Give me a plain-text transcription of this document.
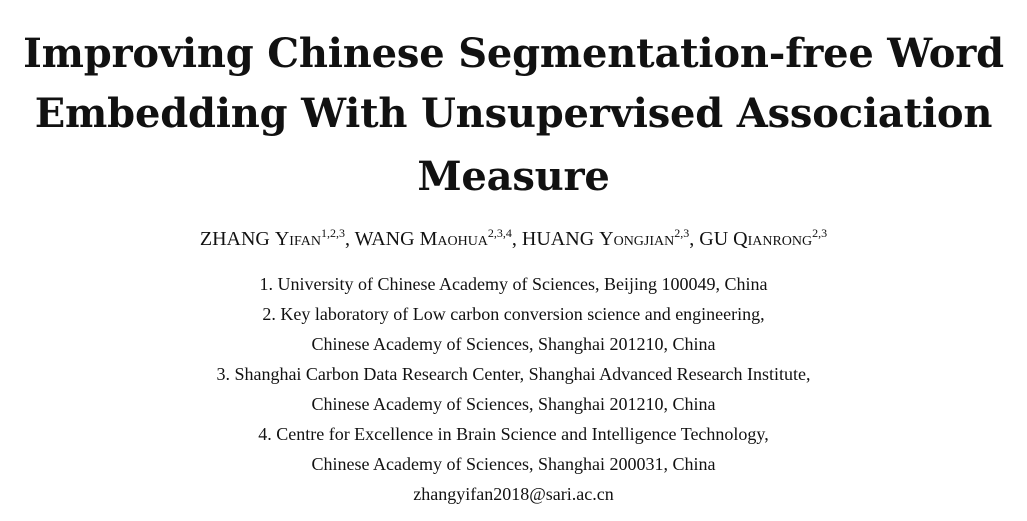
Improving Chinese Segmentation-free Word
Embedding With Unsupervised Association
Measure
ZHANG Yifan$^{1,2,3}$, WANG Maohua$^{2,3,4}$, HUANG Yongjian$^{2,3}$, GU Qianrong$^{2,3}$
1. University of Chinese Academy of Sciences, Beijing 100049, China
2. Key laboratory of Low carbon conversion science and engineering,
Chinese Academy of Sciences, Shanghai 201210, China
3. Shanghai Carbon Data Research Center, Shanghai Advanced Research Institute,
Chinese Academy of Sciences, Shanghai 201210, China
4. Centre for Excellence in Brain Science and Intelligence Technology,
Chinese Academy of Sciences, Shanghai 200031, China
zhangyifan2018@sari.ac.cn
